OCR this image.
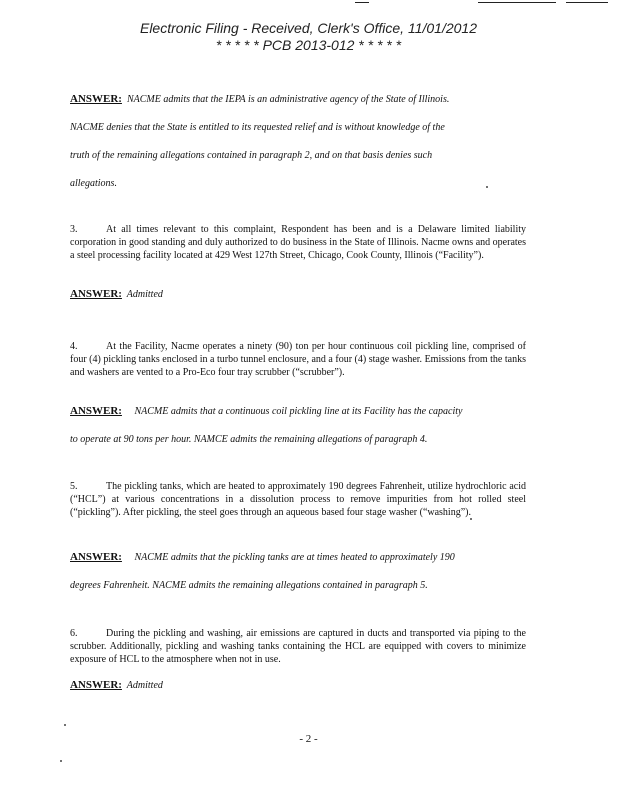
Electronic Filing - Received, Clerk's Office, 11/01/2012
* * * * * PCB 2013-012 * * * * *
ANSWER: NACME admits that the IEPA is an administrative agency of the State of Illinois.
NACME denies that the State is entitled to its requested relief and is without knowledge of the
truth of the remaining allegations contained in paragraph 2, and on that basis denies such
allegations.

3.	At all times relevant to this complaint, Respondent has been and is a Delaware limited liability corporation in good standing and duly authorized to do business in the State of Illinois. Nacme owns and operates a steel processing facility located at 429 West 127th Street, Chicago, Cook County, Illinois (“Facility”).

ANSWER: Admitted

4.	At the Facility, Nacme operates a ninety (90) ton per hour continuous coil pickling line, comprised of four (4) pickling tanks enclosed in a turbo tunnel enclosure, and a four (4) stage washer. Emissions from the tanks and washers are vented to a Pro-Eco four tray scrubber (“scrubber”).

ANSWER: NACME admits that a continuous coil pickling line at its Facility has the capacity
to operate at 90 tons per hour. NAMCE admits the remaining allegations of paragraph 4.

5.	The pickling tanks, which are heated to approximately 190 degrees Fahrenheit, utilize hydrochloric acid (“HCL”) at various concentrations in a dissolution process to remove impurities from hot rolled steel (“pickling”). After pickling, the steel goes through an aqueous based four stage washer (“washing”).

ANSWER: NACME admits that the pickling tanks are at times heated to approximately 190
degrees Fahrenheit. NACME admits the remaining allegations contained in paragraph 5.

6.	During the pickling and washing, air emissions are captured in ducts and transported via piping to the scrubber. Additionally, pickling and washing tanks containing the HCL are equipped with covers to minimize exposure of HCL to the atmosphere when not in use.

ANSWER: Admitted
- 2 -
